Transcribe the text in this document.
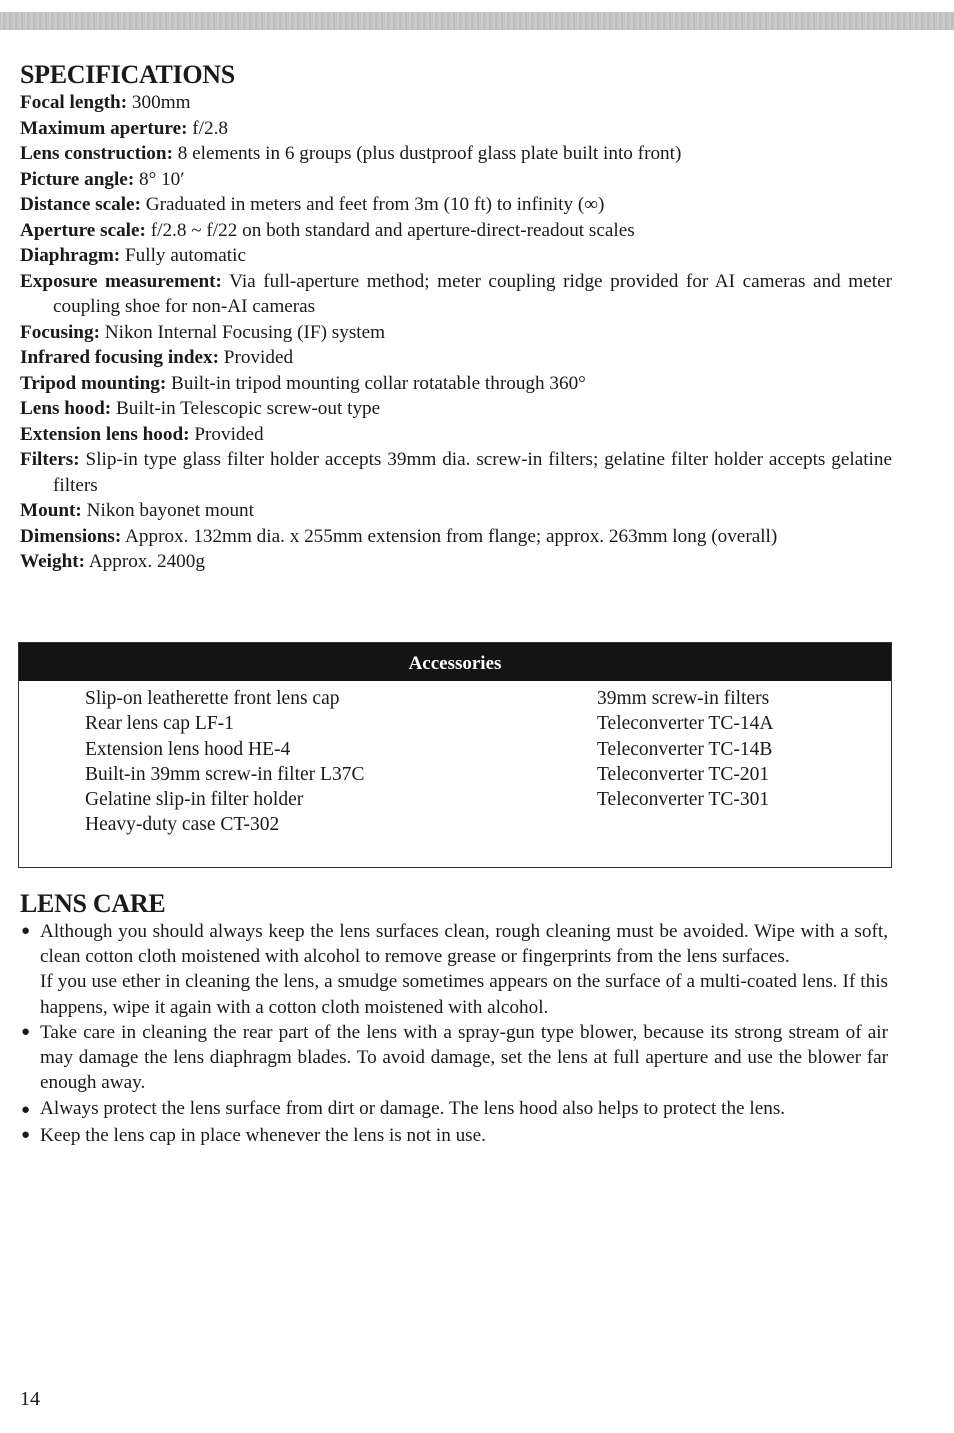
SPECIFICATIONS
Focal length: 300mm
Maximum aperture: f/2.8
Lens construction: 8 elements in 6 groups (plus dustproof glass plate built into front)
Picture angle: 8° 10′
Distance scale: Graduated in meters and feet from 3m (10 ft) to infinity (∞)
Aperture scale: f/2.8 ~ f/22 on both standard and aperture-direct-readout scales
Diaphragm: Fully automatic
Exposure measurement: Via full-aperture method; meter coupling ridge provided for AI cameras and meter coupling shoe for non-AI cameras
Focusing: Nikon Internal Focusing (IF) system
Infrared focusing index: Provided
Tripod mounting: Built-in tripod mounting collar rotatable through 360°
Lens hood: Built-in Telescopic screw-out type
Extension lens hood: Provided
Filters: Slip-in type glass filter holder accepts 39mm dia. screw-in filters; gelatine filter holder accepts gelatine filters
Mount: Nikon bayonet mount
Dimensions: Approx. 132mm dia. x 255mm extension from flange; approx. 263mm long (overall)
Weight: Approx. 2400g
Accessories
Slip-on leatherette front lens cap
Rear lens cap LF-1
Extension lens hood HE-4
Built-in 39mm screw-in filter L37C
Gelatine slip-in filter holder
Heavy-duty case CT-302
39mm screw-in filters
Teleconverter TC-14A
Teleconverter TC-14B
Teleconverter TC-201
Teleconverter TC-301
LENS CARE
● Although you should always keep the lens surfaces clean, rough cleaning must be avoided. Wipe with a soft, clean cotton cloth moistened with alcohol to remove grease or fingerprints from the lens surfaces.

If you use ether in cleaning the lens, a smudge sometimes appears on the surface of a multi-coated lens. If this happens, wipe it again with a cotton cloth moistened with alcohol.

● Take care in cleaning the rear part of the lens with a spray-gun type blower, because its strong stream of air may damage the lens diaphragm blades. To avoid damage, set the lens at full aperture and use the blower far enough away.

● Always protect the lens surface from dirt or damage. The lens hood also helps to protect the lens.

● Keep the lens cap in place whenever the lens is not in use.

14
